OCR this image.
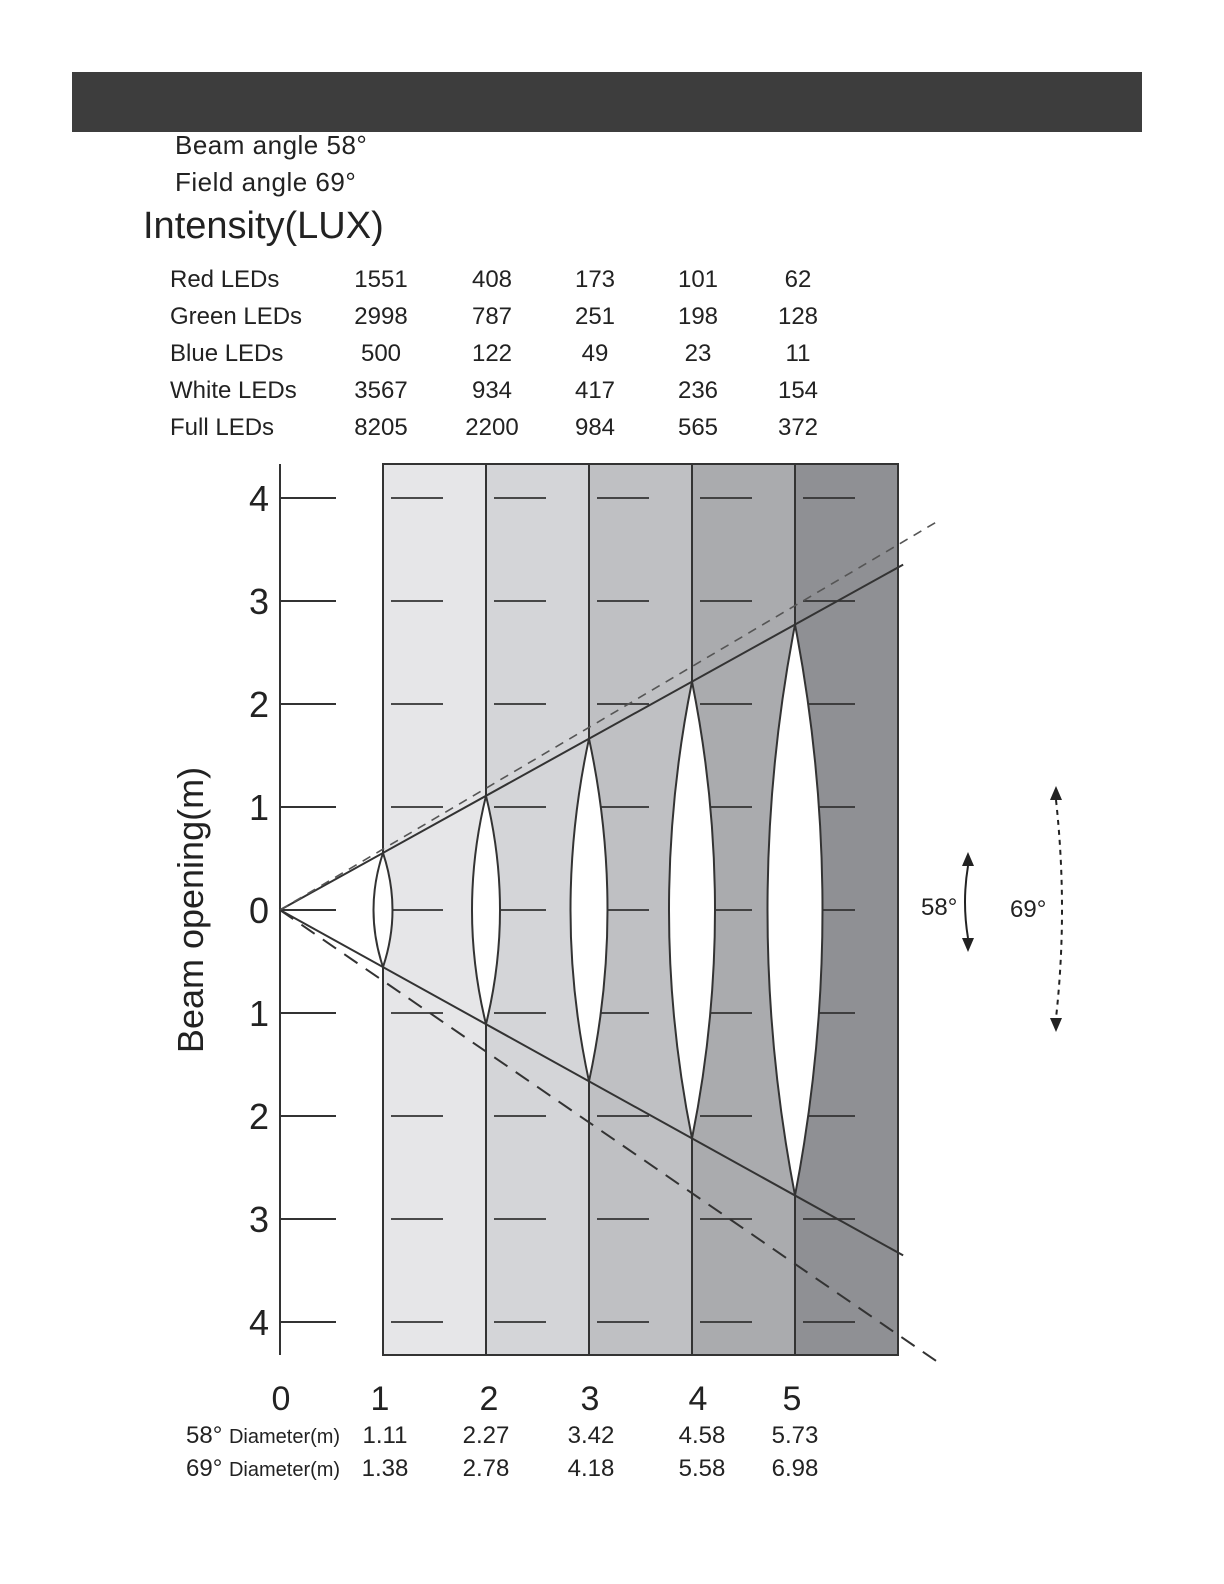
Beam angle 58°
Field angle 69°
Intensity(LUX)
Red LEDs	1551	408	173	101	62
Green LEDs 2998	787	251	198 128
Blue LEDs	500	122	49	23	11
White LEDs 3567	934	417	236 154
Full LEDs	8205 2200 984	565 372
4
3
2
1
0
1
2
3
4
0 1	2 3	4 5
Beam opening(m)	58° 69°
58° Diameter(m) 1.11 2.27 3.42	4.58 5.73
69° Diameter(m) 1.38 2.78 4.18	5.58 6.98
